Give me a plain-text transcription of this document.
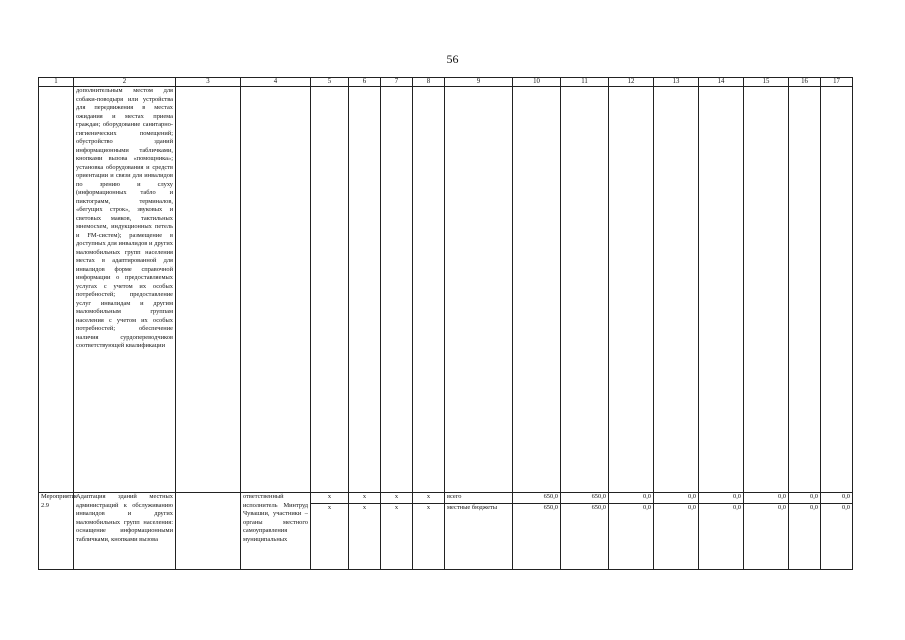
56
1	2	3	4	5	6	7	8	9	10	11	12	13	14	15	16	17
	дополнительным местом для собаки-поводыря или устройства для передвижения в местах ожидания и местах приема граждан; оборудование санитарно-гигиенических помещений; обустройство зданий информационными табличками, кнопками вызова «помощника»; установка оборудования и средств ориентации и связи для инвалидов по зрению и слуху (информационных табло и пиктограмм, терминалов, «бегущих строк», звуковых и световых маяков, тактильных мнемосхем, индукционных петель и FM-систем); размещение в доступных для инвалидов и других маломобильных групп населения местах в адаптированной для инвалидов форме справочной информации о предоставляемых услугах с учетом их особых потребностей; предоставление услуг инвалидам и другим маломобильным группам населения с учетом их особых потребностей; обеспечение наличия сурдопереводчиков соответствующей квалификации															
Мероприятие 2.9	Адаптация зданий местных администраций к обслуживанию инвалидов и других маломобильных групп населения: оснащение информационными табличками, кнопками вызова		ответственный исполнитель Минтруд Чувашии, участники – органы местного самоуправления муниципальных	х	х	х	х	всего	650,0	650,0	0,0	0,0	0,0	0,0	0,0	0,0
				х	х	х	х	местные бюджеты	650,0	650,0	0,0	0,0	0,0	0,0	0,0	0,0
